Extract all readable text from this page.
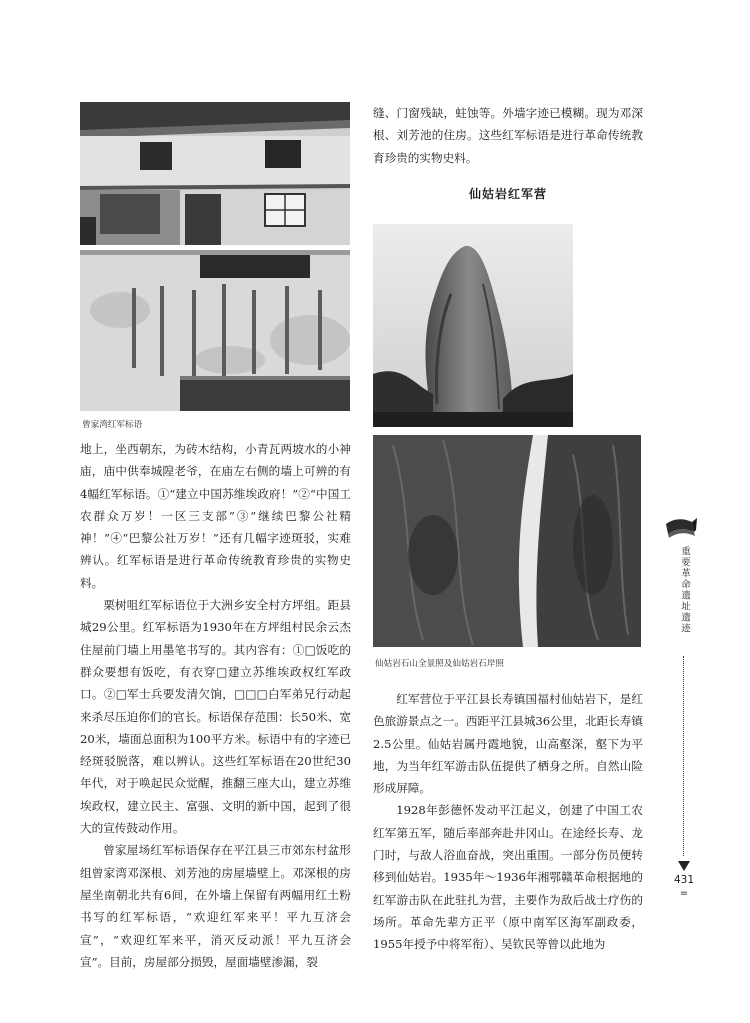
曾家湾红军标语

地上，坐西朝东，为砖木结构，小青瓦两坡水的小神庙，庙中供奉城隍老爷，在庙左右侧的墙上可辨的有4幅红军标语。①“建立中国苏维埃政府！”②“中国工农群众万岁！一区三支部”③“继续巴黎公社精神！”④“巴黎公社万岁！”还有几幅字迹斑驳，实难辨认。红军标语是进行革命传统教育珍贵的实物史料。

栗树咀红军标语位于大洲乡安全村方坪组。距县城29公里。红军标语为1930年在方坪组村民余云杰住屋前门墙上用墨笔书写的。其内容有：①□饭吃的群众要想有饭吃，有衣穿□建立苏维埃政权红军政口。②□军士兵要发清欠饷，□□□白军弟兄行动起来杀尽压迫你们的官长。标语保存范围：长50米、宽20米，墙面总面积为100平方米。标语中有的字迹已经斑驳脱落，难以辨认。这些红军标语在20世纪30年代，对于唤起民众觉醒，推翻三座大山，建立苏维埃政权，建立民主、富强、文明的新中国，起到了很大的宣传鼓动作用。

曾家屋场红军标语保存在平江县三市郊东村盆形组曾家湾邓深根、刘芳池的房屋墙壁上。邓深根的房屋坐南朝北共有6间，在外墙上保留有两幅用红土粉书写的红军标语，“欢迎红军来平！平九互济会宣”，“欢迎红军来平，消灭反动派！平九互济会宣”。目前，房屋部分损毁，屋面墙壁渗漏，裂

缝、门窗残缺，蛀蚀等。外墙字迹已模糊。现为邓深根、刘芳池的住房。这些红军标语是进行革命传统教育珍贵的实物史料。

仙姑岩红军营
仙姑岩石山全景照及仙姑岩石岸照

红军营位于平江县长寿镇国福村仙姑岩下，是红色旅游景点之一。西距平江县城36公里，北距长寿镇2.5公里。仙姑岩属丹霞地貌，山高壑深，壑下为平地，为当年红军游击队伍提供了栖身之所。自然山险形成屏障。

1928年彭德怀发动平江起义，创建了中国工农红军第五军，随后率部奔赴井冈山。在途经长寿、龙门时，与敌人浴血奋战，突出重围。一部分伤员便转移到仙姑岩。1935年～1936年湘鄂赣革命根据地的红军游击队在此驻扎为营，主要作为敌后战士疗伤的场所。革命先辈方正平（原中南军区海军副政委，1955年授予中将军衔）、吴钦民等曾以此地为

重要革命遗址遗迹
431
=
